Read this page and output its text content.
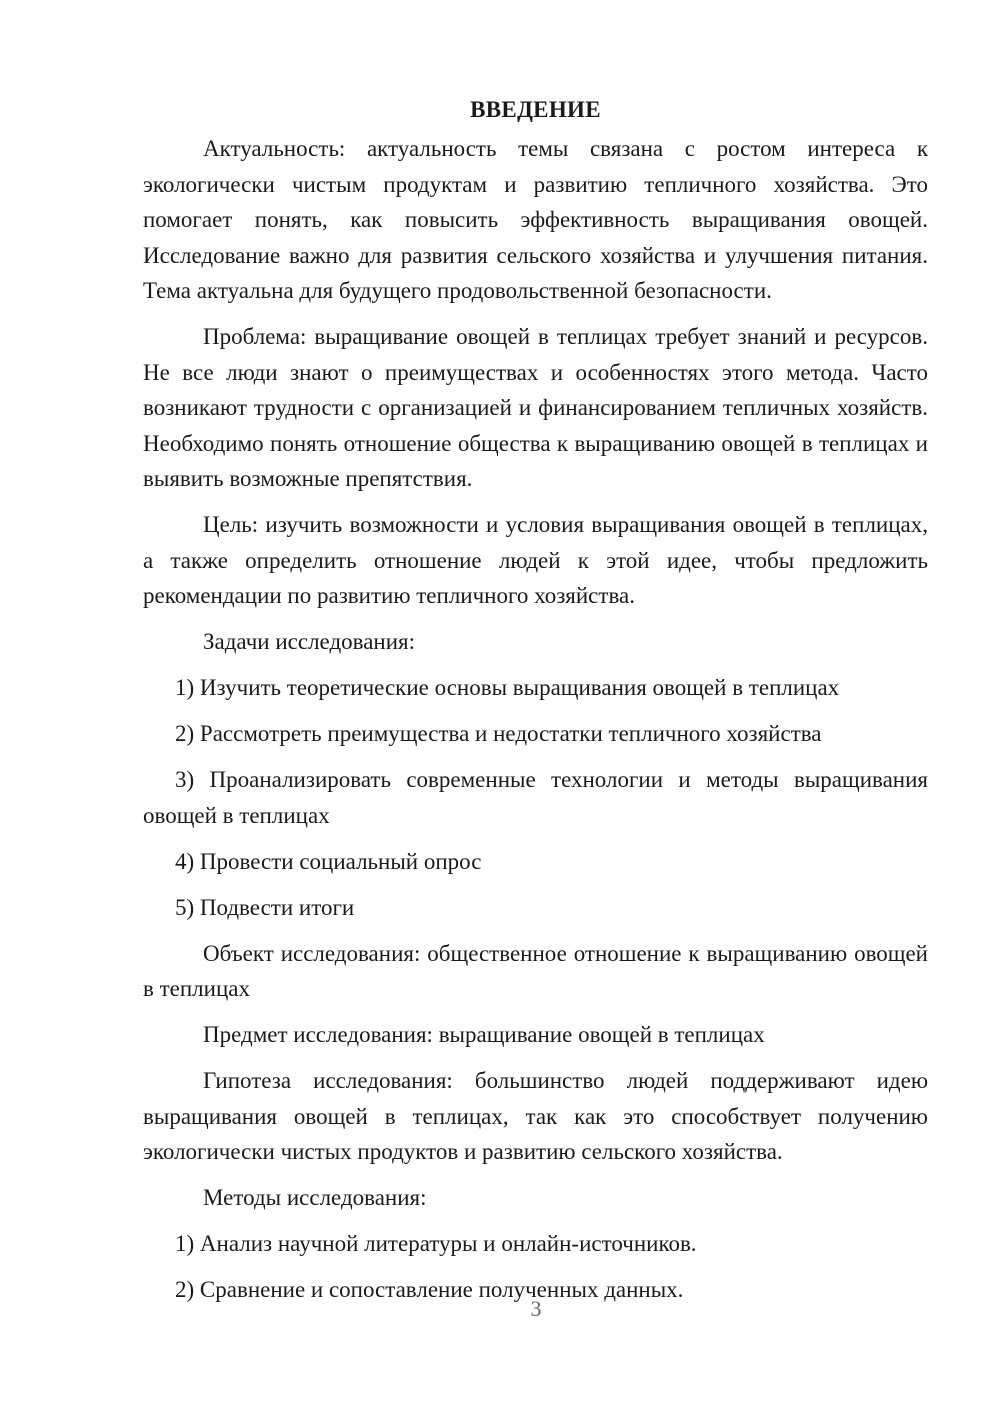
ВВЕДЕНИЕ

Актуальность: актуальность темы связана с ростом интереса к экологически чистым продуктам и развитию тепличного хозяйства. Это помогает понять, как повысить эффективность выращивания овощей. Исследование важно для развития сельского хозяйства и улучшения питания. Тема актуальна для будущего продовольственной безопасности.

Проблема: выращивание овощей в теплицах требует знаний и ресурсов. Не все люди знают о преимуществах и особенностях этого метода. Часто возникают трудности с организацией и финансированием тепличных хозяйств. Необходимо понять отношение общества к выращиванию овощей в теплицах и выявить возможные препятствия.

Цель: изучить возможности и условия выращивания овощей в теплицах, а также определить отношение людей к этой идее, чтобы предложить рекомендации по развитию тепличного хозяйства.

Задачи исследования:

1) Изучить теоретические основы выращивания овощей в теплицах

2) Рассмотреть преимущества и недостатки тепличного хозяйства

3) Проанализировать современные технологии и методы выращивания овощей в теплицах

4) Провести социальный опрос

5) Подвести итоги

Объект исследования: общественное отношение к выращиванию овощей в теплицах

Предмет исследования: выращивание овощей в теплицах

Гипотеза исследования: большинство людей поддерживают идею выращивания овощей в теплицах, так как это способствует получению экологически чистых продуктов и развитию сельского хозяйства.

Методы исследования:

1) Анализ научной литературы и онлайн-источников.

2) Сравнение и сопоставление полученных данных.

3
